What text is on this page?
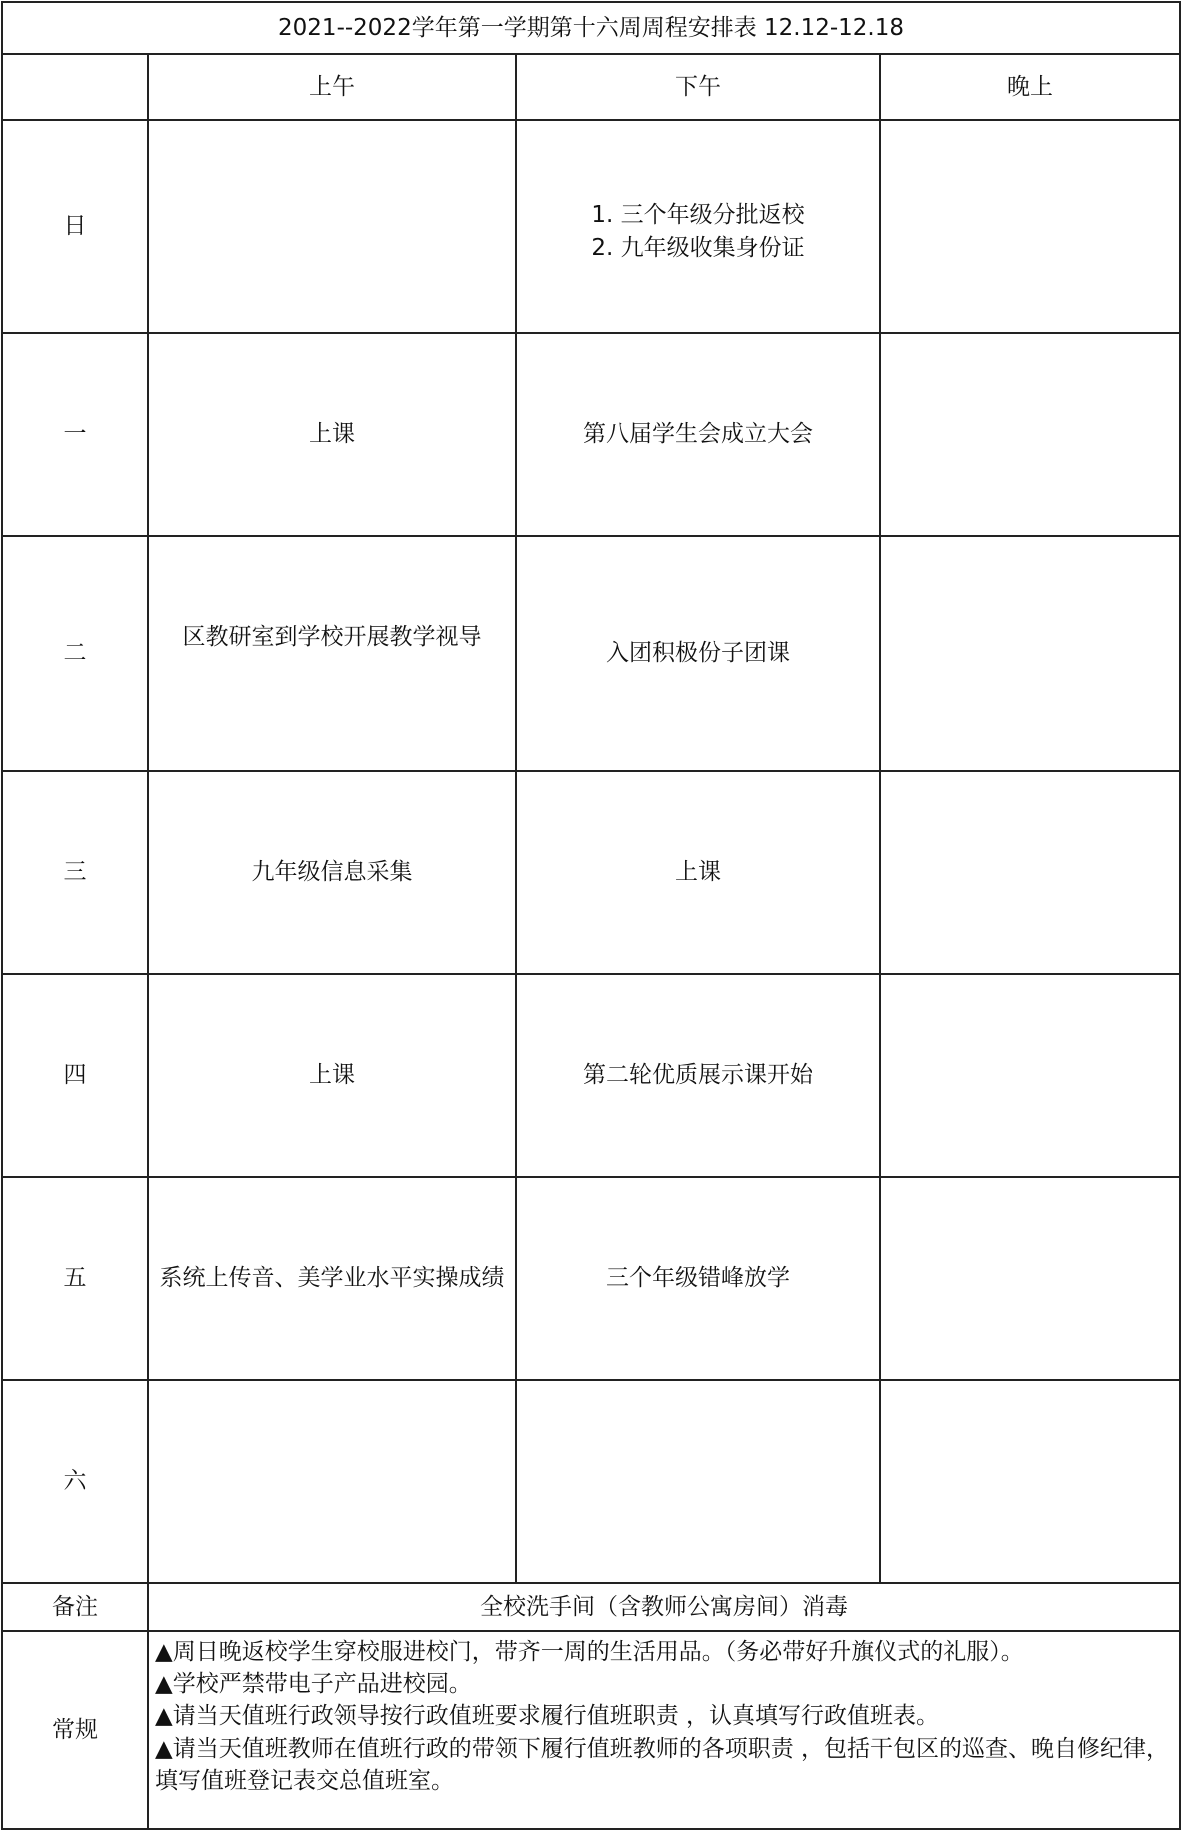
2021--2022学年第一学期第十六周周程安排表 12.12-12.18			
	上午	下午	晚上
日		1. 三个年级分批返校
2. 九年级收集身份证	

一	上课	第八届学生会成立大会	

二	区教研室到学校开展教学视导	入团积极份子团课	

三	九年级信息采集	上课	

四	上课	第二轮优质展示课开始	

五	系统上传音、美学业水平实操成绩	三个年级错峰放学	

六			
备注	全校洗手间（含教师公寓房间）消毒		
常规	▲周日晚返校学生穿校服进校门，带齐一周的生活用品。（务必带好升旗仪式的礼服）。
▲学校严禁带电子产品进校园。
▲请当天值班行政领导按行政值班要求履行值班职责 ，认真填写行政值班表。
▲请当天值班教师在值班行政的带领下履行值班教师的各项职责 ，包括干包区的巡查、晚自修纪律，填写值班登记表交总值班室。		
